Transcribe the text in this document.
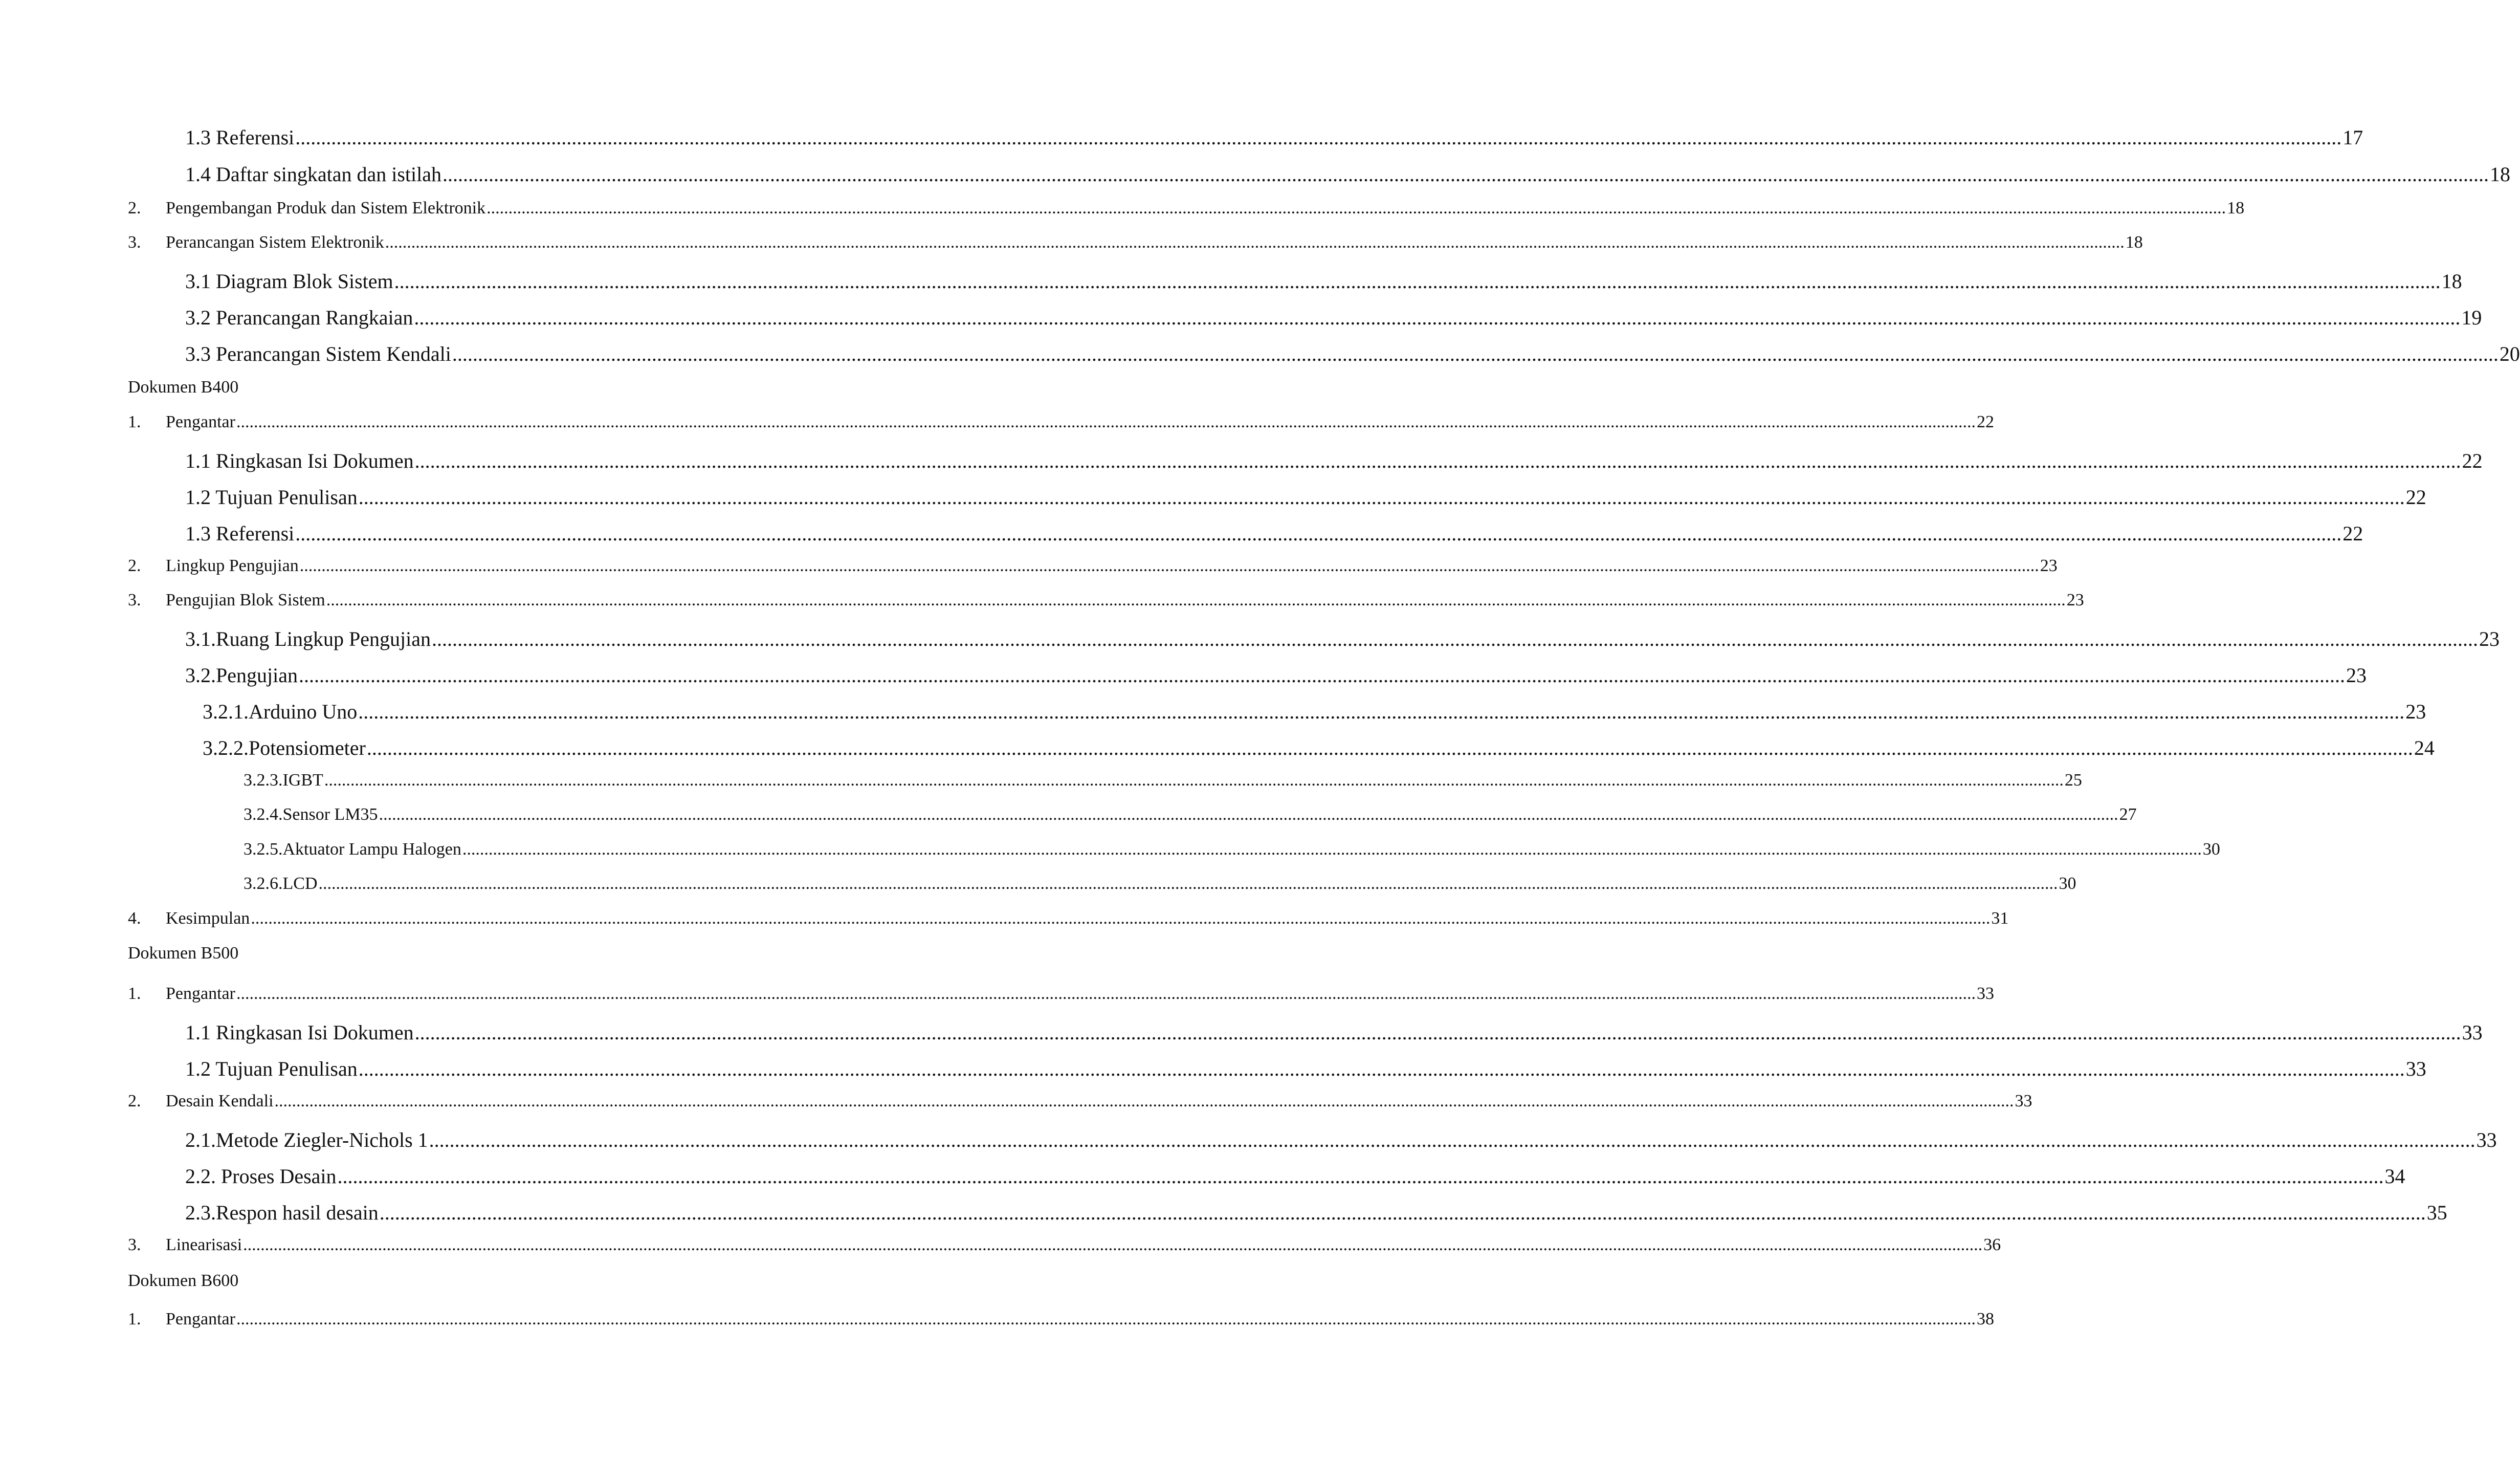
1.3 Referensi ................................................................................................................................................................................................................................................................................................................................................................................................................ 17
1.4 Daftar singkatan dan istilah ................................................................................................................................................................................................................................................................................................................................................................................................................ 18
2. Pengembangan Produk dan Sistem Elektronik ................................................................................................................................................................................................................................................................................................................................................................................................................ 18
3. Perancangan Sistem Elektronik ................................................................................................................................................................................................................................................................................................................................................................................................................ 18
3.1 Diagram Blok Sistem ................................................................................................................................................................................................................................................................................................................................................................................................................ 18
3.2 Perancangan Rangkaian ................................................................................................................................................................................................................................................................................................................................................................................................................ 19
3.3 Perancangan Sistem Kendali ................................................................................................................................................................................................................................................................................................................................................................................................................ 20
Dokumen B400
1. Pengantar ................................................................................................................................................................................................................................................................................................................................................................................................................ 22
1.1 Ringkasan Isi Dokumen ................................................................................................................................................................................................................................................................................................................................................................................................................ 22
1.2 Tujuan Penulisan ................................................................................................................................................................................................................................................................................................................................................................................................................ 22
1.3 Referensi ................................................................................................................................................................................................................................................................................................................................................................................................................ 22
2. Lingkup Pengujian ................................................................................................................................................................................................................................................................................................................................................................................................................ 23
3. Pengujian Blok Sistem ................................................................................................................................................................................................................................................................................................................................................................................................................ 23
3.1.Ruang Lingkup Pengujian ................................................................................................................................................................................................................................................................................................................................................................................................................ 23
3.2.Pengujian ................................................................................................................................................................................................................................................................................................................................................................................................................ 23
3.2.1.Arduino Uno ................................................................................................................................................................................................................................................................................................................................................................................................................ 23
3.2.2.Potensiometer ................................................................................................................................................................................................................................................................................................................................................................................................................ 24
3.2.3.IGBT ................................................................................................................................................................................................................................................................................................................................................................................................................ 25
3.2.4.Sensor LM35 ................................................................................................................................................................................................................................................................................................................................................................................................................ 27
3.2.5.Aktuator Lampu Halogen ................................................................................................................................................................................................................................................................................................................................................................................................................ 30
3.2.6.LCD ................................................................................................................................................................................................................................................................................................................................................................................................................ 30
4. Kesimpulan ................................................................................................................................................................................................................................................................................................................................................................................................................ 31
Dokumen B500
1. Pengantar ................................................................................................................................................................................................................................................................................................................................................................................................................ 33
1.1 Ringkasan Isi Dokumen ................................................................................................................................................................................................................................................................................................................................................................................................................ 33
1.2 Tujuan Penulisan ................................................................................................................................................................................................................................................................................................................................................................................................................ 33
2. Desain Kendali ................................................................................................................................................................................................................................................................................................................................................................................................................ 33
2.1.Metode Ziegler-Nichols 1 ................................................................................................................................................................................................................................................................................................................................................................................................................ 33
2.2. Proses Desain ................................................................................................................................................................................................................................................................................................................................................................................................................ 34
2.3.Respon hasil desain ................................................................................................................................................................................................................................................................................................................................................................................................................ 35
3. Linearisasi ................................................................................................................................................................................................................................................................................................................................................................................................................ 36
Dokumen B600
1. Pengantar ................................................................................................................................................................................................................................................................................................................................................................................................................ 38
